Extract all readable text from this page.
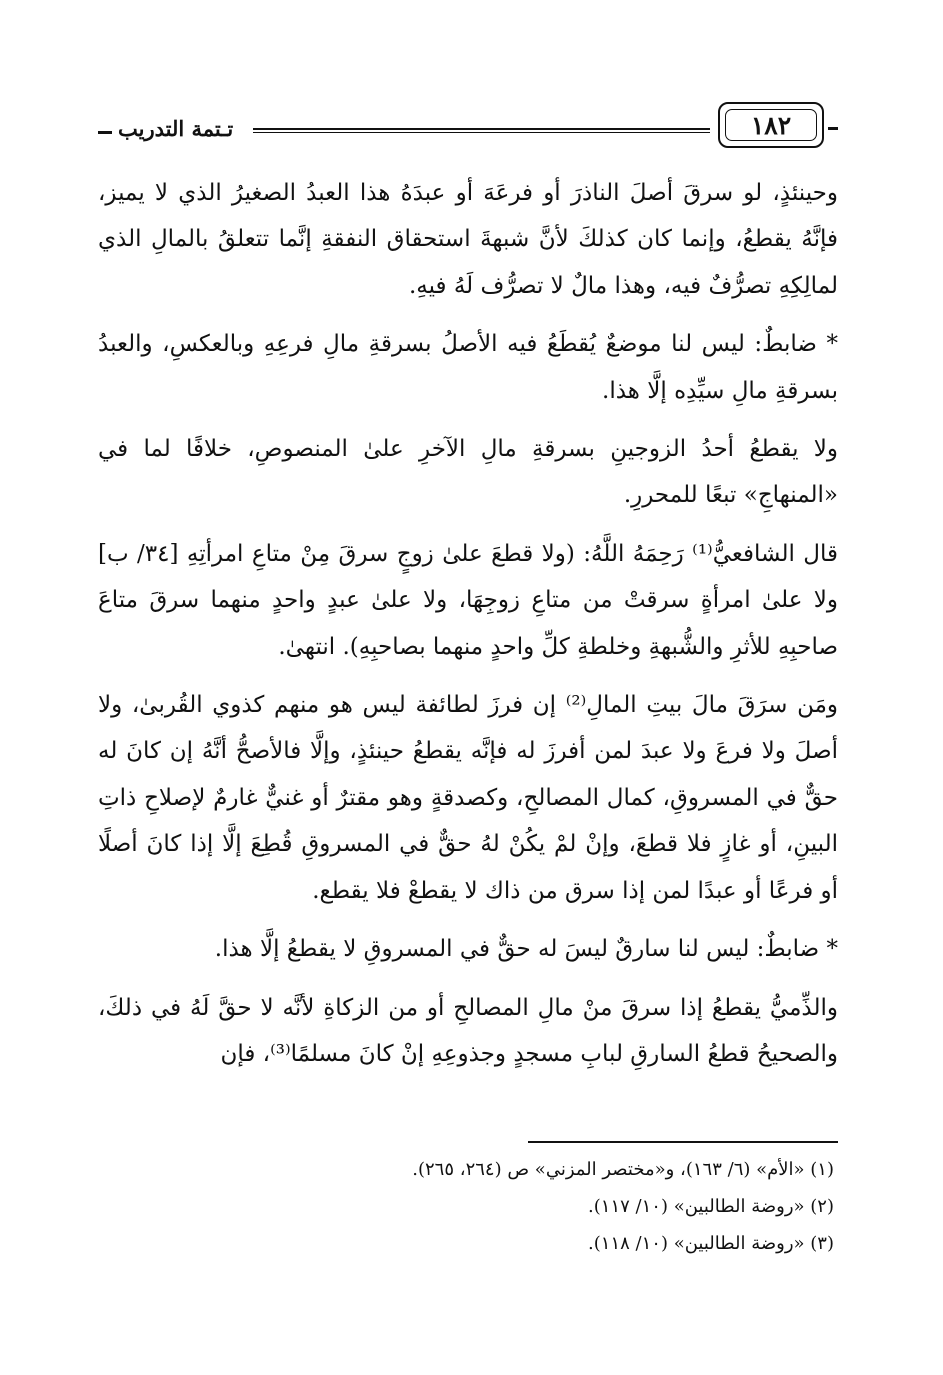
تـتمة التدريب	١٨٢

وحينئذٍ، لو سرقَ أصلَ الناذرَ أو فرعَهَ أو عبدَهُ هذا العبدُ الصغيرُ الذي لا يميز، فإنَّهُ يقطعُ، وإنما كان كذلكَ لأنَّ شبهةَ استحقاق النفقةِ إنَّما تتعلقُ بالمالِ الذي لمالِكِهِ تصرُّفٌ فيه، وهذا مالٌ لا تصرُّف لَهُ فيهِ.

* ضابطٌ: ليس لنا موضعٌ يُقطَعُ فيه الأصلُ بسرقةِ مالِ فرعِهِ وبالعكسِ، والعبدُ بسرقةِ مالِ سيِّدِه إلَّا هذا.

ولا يقطعُ أحدُ الزوجينِ بسرقةِ مالِ الآخرِ علىٰ المنصوصِ، خلافًا لما في «المنهاجِ» تبعًا للمحررِ.

قال الشافعيُّ⁽¹⁾ رَحِمَهُ اللَّهُ: (ولا قطعَ علىٰ زوجٍ سرقَ مِنْ متاعِ امرأتِهِ [٣٤/ ب] ولا علىٰ امرأةٍ سرقتْ من متاعِ زوجِهَا، ولا علىٰ عبدٍ واحدٍ منهما سرقَ متاعَ صاحبِهِ للأثرِ والشُّبهةِ وخلطةِ كلِّ واحدٍ منهما بصاحبِهِ). انتهىٰ.

ومَن سرَقَ مالَ بيتِ المالِ⁽²⁾ إن فرزَ لطائفة ليس هو منهم كذوي القُربىٰ، ولا أصلَ ولا فرعَ ولا عبدَ لمن أفرزَ له فإنَّه يقطعُ حينئذٍ، وإلَّا فالأصحُّ أنَّهُ إن كانَ له حقٌّ في المسروقِ، كمال المصالحِ، وكصدقةٍ وهو مقترٌ أو غنيٌّ غارمٌ لإصلاحِ ذاتِ البينِ، أو غازٍ فلا قطعَ، وإنْ لمْ يكُنْ لهُ حقٌّ في المسروقِ قُطِعَ إلَّا إذا كانَ أصلًا أو فرعًا أو عبدًا لمن إذا سرق من ذاك لا يقطعْ فلا يقطع.

* ضابطٌ: ليس لنا سارقٌ ليسَ له حقٌّ في المسروقِ لا يقطعُ إلَّا هذا.

والذِّميُّ يقطعُ إذا سرقَ منْ مالِ المصالحِ أو من الزكاةِ لأنَّه لا حقَّ لَهُ في ذلكَ، والصحيحُ قطعُ السارقِ لبابِ مسجدٍ وجذوعِهِ إنْ كانَ مسلمًا⁽³⁾، فإن

(١) «الأم» (٦/ ١٦٣)، و«مختصر المزني» ص (٢٦٤، ٢٦٥).

(٢) «روضة الطالبين» (١٠/ ١١٧).

(٣) «روضة الطالبين» (١٠/ ١١٨).
